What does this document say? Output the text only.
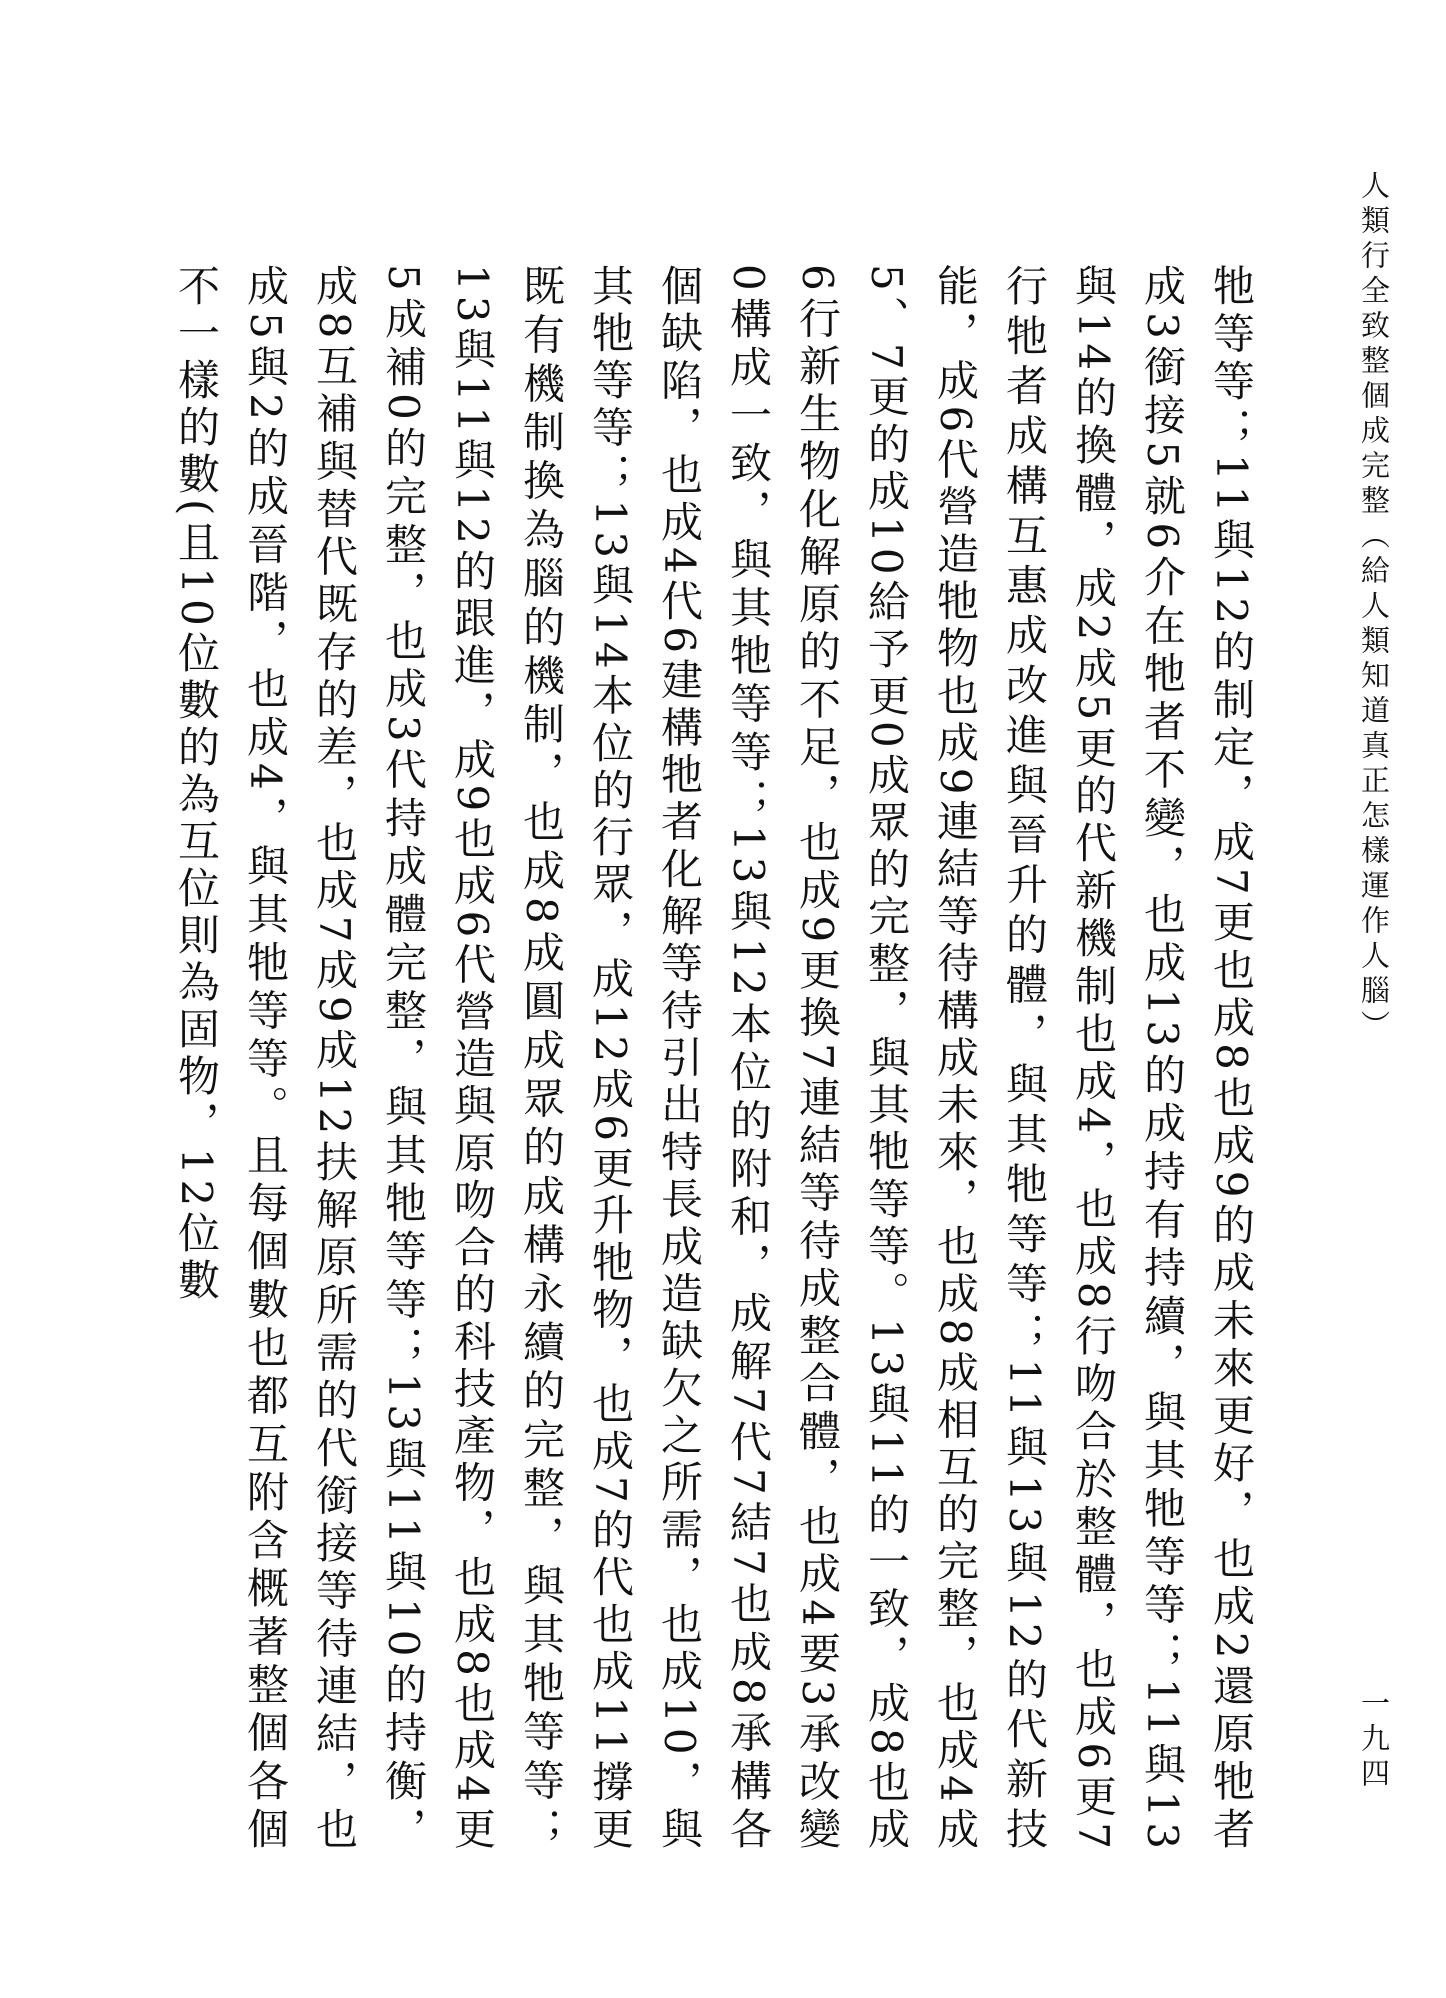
人類行全致整個成完整（給人類知道真正怎樣運作人腦）
牠等等；11與12的制定，成7更也成8也成9的成未來更好，也成2還原牠者成3銜接5就6介在牠者不變，也成13的成持有持續，與其牠等等；11與13與14的換體，成2成5更的代新機制也成4，也成8行吻合於整體，也成6更7行牠者成構互惠成改進與晉升的體，與其牠等等；11與13與12的代新技能，成6代營造牠物也成9連結等待構成未來，也成8成相互的完整，也成4成5、7更的成10給予更0成眾的完整，與其牠等等。13與11的一致，成8也成6行新生物化解原的不足，也成9更換7連結等待成整合體，也成4要3承改變0構成一致，與其牠等等；13與12本位的附和，成解7代7結7也成8承構各個缺陷，也成4代6建構牠者化解等待引出特長成造缺欠之所需，也成10，與其牠等等；13與14本位的行眾，成12成6更升牠物，也成7的代也成11撐更既有機制換為腦的機制，也成8成圓成眾的成構永續的完整，與其牠等等；13與11與12的跟進，成9也成6代營造與原吻合的科技產物，也成8也成4更5成補0的完整，也成3代持成體完整，與其牠等等；13與11與10的持衡，成8互補與替代既存的差，也成7成9成12扶解原所需的代銜接等待連結，也成5與2的成晉階，也成4，與其牠等等。且每個數也都互附含概著整個各個不一樣的數(且10位數的為互位則為固物，12位數
一九四
